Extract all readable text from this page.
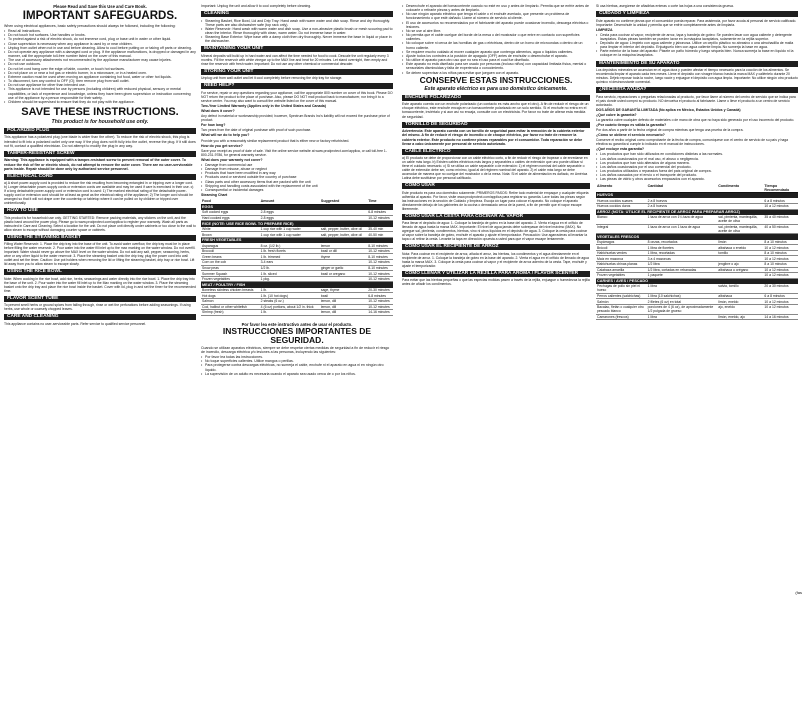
Please Read and Save this Use and Care Book.
IMPORTANT SAFEGUARDS.

When using electrical appliances, basic safety precautions should always be followed, including the following:

• Read all instructions.
• Do not touch hot surfaces. Use handles or knobs.
• To protect against a risk of electric shock, do not immerse cord, plug or base unit in water or other liquid.
• Close supervision is necessary when any appliance is used by or near children.
• Unplug from outlet when not in use and before cleaning. Allow to cool before putting on or taking off parts or cleaning.
• Do not operate any appliance with a damaged cord or plug. If the appliance malfunctions, is dropped or damaged in any manner, call the appropriate toll-free number listed on the cover of this manual.
• The use of accessory attachments not recommended by the appliance manufacturer may cause injuries.
• Do not use outdoors.
• Do not let cord hang over the edge of table, counter, or touch hot surfaces.
• Do not place on or near a hot gas or electric burner, in a microwave, or in a heated oven.
• Extreme caution must be used when moving an appliance containing hot food, water or other hot liquids.
• To disconnect, turn any control to OFF (O); then remove plug from wall outlet.
• Do not use appliance for other than intended use.
• This appliance is not intended for use by persons (including children) with reduced physical, sensory or mental capabilities, or lack of experience and knowledge, unless they have been given supervision or instruction concerning use of the appliance by a person responsible for their safety.
• Children should be supervised to ensure that they do not play with the appliance.
SAVE THESE INSTRUCTIONS.
This product is for household use only.
POLARIZED PLUG

This appliance has a polarized plug (one blade is wider than the other). To reduce the risk of electric shock, this plug is intended to fit into a polarized outlet only one way. If the plug does not fit fully into the outlet, reverse the plug. If it still does not fit, contact a qualified electrician. Do not attempt to modify the plug in any way.

TAMPER-RESISTANT SCREW

Warning: This appliance is equipped with a tamper-resistant screw to prevent removal of the outer cover. To reduce the risk of fire or electric shock, do not attempt to remove the outer cover. There are no user-serviceable parts inside. Repair should be done only by authorized service personnel.

ELECTRICAL CORD

a) A short power-supply cord is provided to reduce the risk resulting from becoming entangled in or tripping over a longer cord. b) Longer detachable power-supply cords or extension cords are available and may be used if care is exercised in their use. c) If a long detachable power-supply cord or extension cord is used: 1) The marked electrical rating of the detachable power-supply cord or extension cord should be at least as great as the electrical rating of the appliance; 2) The longer cord should be arranged so that it will not drape over the countertop or tabletop where it can be pulled on by children or tripped over unintentionally.

HOW TO USE

This product is for household use only. GETTING STARTED: Remove packing materials, any stickers on the unit, and the plastic band around the power plug. Please go to www.prodprotect.com/applica to register your warranty. Wash all parts as instructed in Care and Cleaning. Select a location for the unit. Do not place unit directly under cabinets or too close to the wall to allow steam to escape without damaging counter space or cabinets.

USING THE STEAMING BASKET

Filling Water Reservoir: 1. Place the drip tray into the base of the unit. To avoid water overflow, the drip tray must be in place before filling the water reservoir. 2. Pour water into the water fill inlet up to the max marking on the water window. Do not overfill. Important: Water should never go above the MAX level on the water window. Do not add any salt, pepper, seasoning, herbs, wine or any other liquid to the water reservoir. 3. Place the steaming basket onto the drip tray, plug the power cord into wall outlet and set the timer. Caution: Use pot holders when removing the lid or lifting the steaming basket, drip tray or rice bowl. Lift lid away from you to allow steam to escape slowly.

USING THE RICE BOWL

Note: When cooking in the rice bowl, add rice, herbs, seasonings and water directly into the rice bowl. 1. Place the drip tray into the base of the unit. 2. Pour water into the water fill inlet up to the Max marking on the water window. 3. Place the steaming basket onto the drip tray and place the rice bowl inside the basket. Cover with lid, plug in and set the timer for the recommended time.

FLAVOR SCENT TUBE

To prevent smell herbs or ground spices from falling through, rinse or wet the perforations before adding seasonings. If using herbs, use whole or coarsely chopped leaves.

CARE AND CLEANING

This appliance contains no user-serviceable parts. Refer service to qualified service personnel.

Important: Unplug the unit and allow it to cool completely before cleaning.

CLEANING
• Steaming Basket, Rice Bowl, Lid and Drip Tray: Hand wash with warm water and dish soap. Rinse and dry thoroughly. These parts are also dishwasher safe (top rack only).
• Water Reservoir: Hand wash with warm water and dish soap. Use a non-abrasive plastic brush or mesh scouring pad to clean the interior. Rinse thoroughly with clean, warm water. Do not immerse base in water.
• Steaming Base Exterior: Wipe base with a damp cloth then dry thoroughly. Never immerse the base in liquid or place in the dishwasher.
MAINTAINING YOUR UNIT

Mineral deposits will build up in hard water and can affect the time needed for food to cook. Descale the unit regularly every 3 months. Fill the reservoir with white vinegar up to the MAX line and heat for 20 minutes. Let stand overnight, then empty and rinse the reservoir with fresh water. Important: Do not use any other chemical or commercial descaler.

STORING YOUR UNIT

Unplug unit from wall outlet and let it cool completely before removing the drip tray for storage.

NEED HELP?

For service, repair or any questions regarding your appliance, call the appropriate 800 number on cover of this book. Please DO NOT return the product to the place of purchase. Also, please DO NOT mail product back to manufacturer, nor bring it to a service center. You may also want to consult the website listed on the cover of this manual.

Two-Year Limited Warranty (Applies only in the United States and Canada)

What does it cover?

Any defect in material or workmanship provided; however, Spectrum Brands Inc's liability will not exceed the purchase price of product.

For how long?

Two years from the date of original purchase with proof of such purchase.

What will we do to help you?

Provide you with a reasonably similar replacement product that is either new or factory refurbished.

How do you get service?

Save your receipt as proof of date of sale. Visit the online service website at www.prodprotect.com/applica, or call toll-free 1-800-231-9786, for general warranty service.

What does your warranty not cover?

• Damage from commercial use
• Damage from misuse, abuse or neglect
• Products that have been modified in any way
• Products used or serviced outside the country of purchase
• Glass parts and other accessory items that are packed with the unit
• Shipping and handling costs associated with the replacement of the unit
• Consequential or incidental damages

Steaming Chart

Food	Amount	Suggested	Time
EGGS			
Soft cooked eggs	2-8 eggs		6-8 minutes
Hard cooked eggs	2-8 eggs		10-12 minutes
RICE (NOTE: USE RICE BOWL TO PREPARE RICE)			
White	1 cup rice with 1 cup water	salt, pepper, butter, olive oil	35-40 min
Brown	1 cup rice with 1 cup water	salt, pepper, butter, olive oil	40-50 min
FRESH VEGETABLES			
Asparagus	8 oz. (1/2 lb.)	lemon	8-10 minutes
Broccoli	1 lb. fresh florets	basil or dill	10-12 minutes
Green beans	1 lb. trimmed	thyme	8-10 minutes
Corn on the cob	3-4 ears		10-12 minutes
Snow peas	1/2 lb.	ginger or garlic	8-10 minutes
Summer Squash	1 lb. sliced	basil or oregano	10-12 minutes
Frozen vegetables	1 pkg.		10-12 minutes
MEAT / POULTRY / FISH			
Boneless skinless chicken breasts	1 lb.	sage, thyme	20-30 minutes
Hot dogs	1 lb. (10 hot dogs)	basil	6-8 minutes
Salmon	2 steaks (6 oz.)	lemon, dill	10-12 minutes
Cod, halibut or other whitefish	4 (6 oz) portions, about 1/2 in. thick	lemon, dill	10-12 minutes
Shrimp (fresh)	1 lb.	lemon, dill	14-16 minutes
Por favor lea este instructivo antes de usar el producto.
INSTRUCCIONES IMPORTANTES DE SEGURIDAD.

Cuando se utilizan aparatos eléctricos, siempre se debe respetar ciertas medidas de seguridad a fin de reducir el riesgo de incendio, descarga eléctrica y/o lesiones a las personas, incluyendo las siguientes:

• Por favor lea todas las instrucciones.
• No toque superficies calientes. Utilice mangos o perillas.
• Para protegerse contra descargas eléctricas, no sumerja el cable, enchufe ni el aparato en agua ni en ningún otro líquido.
• La supervisión de un adulto es necesaria cuando el aparato sea usado cerca de o por los niños.
• Desenchufe el aparato del tomacorriente cuando no esté en uso y antes de limpiarlo. Permita que se enfríe antes de colocarle o retirarle piezas y antes de limpiarlo.
• No use ningún aparato eléctrico que tenga el cable o el enchufe averiado, que presente un problema de funcionamiento o que esté dañado. Llame al número de servicio al cliente.
• El uso de accesorios no recomendados por el fabricante del aparato puede ocasionar incendio, descarga eléctrica o lesiones.
• No se use al aire libre.
• No permita que el cable cuelgue del borde de la mesa o del mostrador o que entre en contacto con superficies calientes.
• No coloque sobre ni cerca de las hornillas de gas o eléctricas, dentro de un horno de microondas o dentro de un horno caliente.
• Se requiere mucho cuidado al mover cualquier aparato que contenga alimentos, agua o líquidos calientes.
• Ajuste todos los controles a la posición de apagado (OFF) antes de enchufar o desenchufar el aparato.
• No utilice el aparato para otro uso que no sea el uso para el cual fue diseñado.
• Este aparato no está diseñado para ser usado por personas (incluso niños) con capacidad limitada física, mental o sensoriales disminuidas y falta de experiencia o conocimiento.
• Se deben supervisar a los niños para evitar que jueguen con el aparato.
CONSERVE ESTAS INSTRUCCIONES.
Este aparato eléctrico es para uso doméstico únicamente.
ENCHUFE POLARIZADO

Este aparato cuenta con un enchufe polarizado (un contacto es más ancho que el otro). A fin de reducir el riesgo de un choque eléctrico, este enchufe encaja en un tomacorriente polarizado en un solo sentido. Si el enchufe no entra en el tomacorriente, inviértalo y si aun así no encaja, consulte con un electricista. Por favor no trate de alterar esta medida de seguridad.

TORNILLO DE SEGURIDAD

Advertencia: Este aparato cuenta con un tornillo de seguridad para evitar la remoción de la cubierta exterior del mismo. A fin de reducir el riesgo de incendio o de choque eléctrico, por favor no trate de remover la cubierta exterior. Este producto no contiene piezas reparables por el consumidor. Toda reparación se debe llevar a cabo únicamente por personal de servicio autorizado.

CABLE ELÉCTRICO

a) El producto se debe de proporcionar con un cable eléctrico corto, a fin de reducir el riesgo de tropezar o de enredarse en un cable más largo. b) Existen cables eléctricos más largos y separables o cables de extensión que uno puede utilizar si tiene el cuidado necesario. c) Si se utiliza un cable separable o de extensión: 1) el régimen nominal del cable separable o cable de extensión debe ser, como mínimo, igual al del régimen nominal del aparato. 2) el cable más largo se debe acomodar de manera que no cuelgue del mostrador o de la mesa. Nota: Si el cable de alimentación es dañado, en América Latina debe sustituirse por personal calificado.

CÓMO USAR

Este producto es para uso doméstico solamente. PRIMEROS PASOS: Retire todo material de empaque y cualquier etiqueta adherida al aparato. Por favor, visite www.prodprotect.com/applica para registrar su garantía. Lave todas las piezas según las instrucciones en la sección de Cuidado y limpieza. Escoja un lugar para colocar el aparato. No coloque el aparato directamente debajo de los gabinetes de la cocina o demasiado cerca de la pared, a fin de permitir que el vapor escape libremente.

CÓMO USAR LA CESTA PARA COCINAR AL VAPOR

Para llenar el depósito de agua: 1. Coloque la bandeja de goteo en la base del aparato. 2. Vierta el agua en el orificio de llenado de agua hasta la marca MAX. Importante: El nivel de agua jamás debe sobrepasar del nivel máximo (MAX). No agregue sal, pimienta, condimentos, hierbas, vino ni otros líquidos en el depósito de agua. 3. Coloque la cesta para cocinar al vapor sobre la bandeja de goteo, enchufe el aparato y ajuste el temporizador. Precaución: Use agarraderas al levantar la tapa o al retirar la cesta. Levante la tapa en dirección opuesta a usted para que el vapor escape lentamente.

CÓMO USAR EL RECIPIENTE DE ARROZ

Nota: Para cocinar en el recipiente de arroz, añada el arroz, las hierbas, los condimentos y el agua directamente en el recipiente de arroz. 1. Coloque la bandeja de goteo en la base del aparato. 2. Vierta el agua en el orificio de llenado de agua hasta la marca MAX. 3. Coloque la cesta para cocinar al vapor y el recipiente de arroz adentro de la cesta. Tape, enchufe y ajuste el temporizador.

CÓMO LLENAR Y UTILIZAR LA REJILLA PARA AROMA / FLAVOR SCENTER

Para evitar que las hierbas pequeñas o que las especias molidas pasen a través de la rejilla, enjuague o humedezca la rejilla antes de añadir los condimentos.

Si usa hierbas, asegúrese de añadirlas enteras o corte las hojas a una consistencia gruesa.

CUIDADO Y LIMPIEZA

Este aparato no contiene piezas que el consumidor pueda reparar. Para asistencia, por favor acuda al personal de servicio calificado. Importante: Desenchufe la unidad y permita que se enfríe completamente antes de limpiarla.

LIMPIEZA

• Cesta para cocinar al vapor, recipiente de arroz, tapa y bandeja de goteo: Se pueden lavar con agua caliente y detergente lavaplatos. Estas piezas también se pueden lavar en la máquina lavaplatos, solamente en la rejilla superior.
• Depósito de agua: Límpielo con agua caliente y jabonosa. Utilice un cepillo plástico no abrasivo o una almohadilla de malla para limpiar el interior del depósito. Enjuáguelo bien con agua caliente limpia. No sumerja la base en agua.
• Parte exterior de la base del aparato: Pásele un paño húmedo y luego séquela bien. Nunca sumerja la base en líquido ni la coloque en la máquina lavaplatos.
MANTENIMIENTO DE SU APARATO

Los depósitos minerales se acumulan en el agua dura y pueden afectar el tiempo necesario para la cocción de los alimentos. Se recomienda limpiar el aparato cada tres meses. Llene el depósito con vinagre blanco hasta la marca MAX y caliéntelo durante 20 minutos. Déjelo reposar toda la noche, luego vacíe y enjuague el depósito con agua limpia. Importante: No utilice ningún otro producto químico ni desincrustante comercial.

¿NECESITA AYUDA?

Para servicio, reparaciones o preguntas relacionadas al producto, por favor llame al número del centro de servicio que se indica para el país donde usted compró su producto. NO devuelva el producto al fabricante. Llame o lleve el producto a un centro de servicio autorizado.

DOS AÑOS DE GARANTÍA LIMITADA (No aplica en México, Estados Unidos y Canadá)

¿Qué cubre la garantía?

La garantía cubre cualquier defecto de materiales o de mano de obra que no haya sido generado por el uso incorrecto del producto.

¿Por cuánto tiempo es válida la garantía?

Por dos años a partir de la fecha original de compra mientras que tenga una prueba de la compra.

¿Cómo se obtiene el servicio necesario?

Conserve el recibo original como comprobante de la fecha de compra, comuníquese con el centro de servicio de su país y haga efectiva su garantía si cumple lo indicado en el manual de instrucciones.

¿Qué excluye esta garantía?

• Los productos que han sido utilizados en condiciones distintas a las normales.
• Los daños ocasionados por el mal uso, el abuso o negligencia.
• Los productos que han sido alterados de alguna manera.
• Los daños ocasionados por el uso comercial del producto.
• Los productos utilizados o reparados fuera del país original de compra.
• Los daños causados por el envío o el transporte del producto.
• Las piezas de vidrio y otros accesorios empacados con el aparato.
Alimento	Cantidad	Condimento	Tiempo Recomendado
HUEVOS			
Huevos cocidos suaves	2 a 8 huevos		6 a 8 minutos
Huevos cocidos duros	2 a 8 huevos		10 a 12 minutos
ARROZ (NOTA: UTILICE EL RECIPIENTE DE ARROZ PARA PREPARAR ARROZ)			
Blanco	1 taza de arroz con 1¼ taza de agua	sal, pimienta, mantequilla, aceite de oliva	35 a 40 minutos
Integral	1 taza de arroz con 1 taza de agua	sal, pimienta, mantequilla, aceite de oliva	40 a 50 minutos
VEGETALES FRESCOS			
Espárragos	8 onzas, recortados	limón	8 a 10 minutos
Brócoli	1 libra de floretes	albahaca o eneldo	10 a 12 minutos
Habichuelas verdes	1 libra, recortadas	tomillo	8 a 10 minutos
Maíz en mazorca	3 a 4 mazorcas		10 a 12 minutos
Habichuelas chinas planas	1/2 libra	jengibre o ajo	8 a 10 minutos
Calabaza amarilla	1/2 libra, cortadas en rebanadas	albahaca u orégano	10 a 12 minutos
Frozen vegetables	1 paquete		10 a 12 minutos
CARNES / AVES / PESCADO			
Pechugas de pollo sin piel ni hueso	1 libra	salvia, tomillo	20 a 30 minutos
Perros calientes (salchichas)	1 libra (10 salchichas)	albahaca	6 a 8 minutos
Salmón	2 filetes (6 oz) en total	limón, eneldo	10 a 12 minutos
Bacalao, fletán o cualquier otro pescado blanco	porciones de 4 (6 oz), de aproximadamente 1/2 pulgada de grueso	ajo, eneldo	10 a 12 minutos
Camarones (frescos)	1 libra	limón, eneldo, ajo	14 a 16 minutos
(fas
